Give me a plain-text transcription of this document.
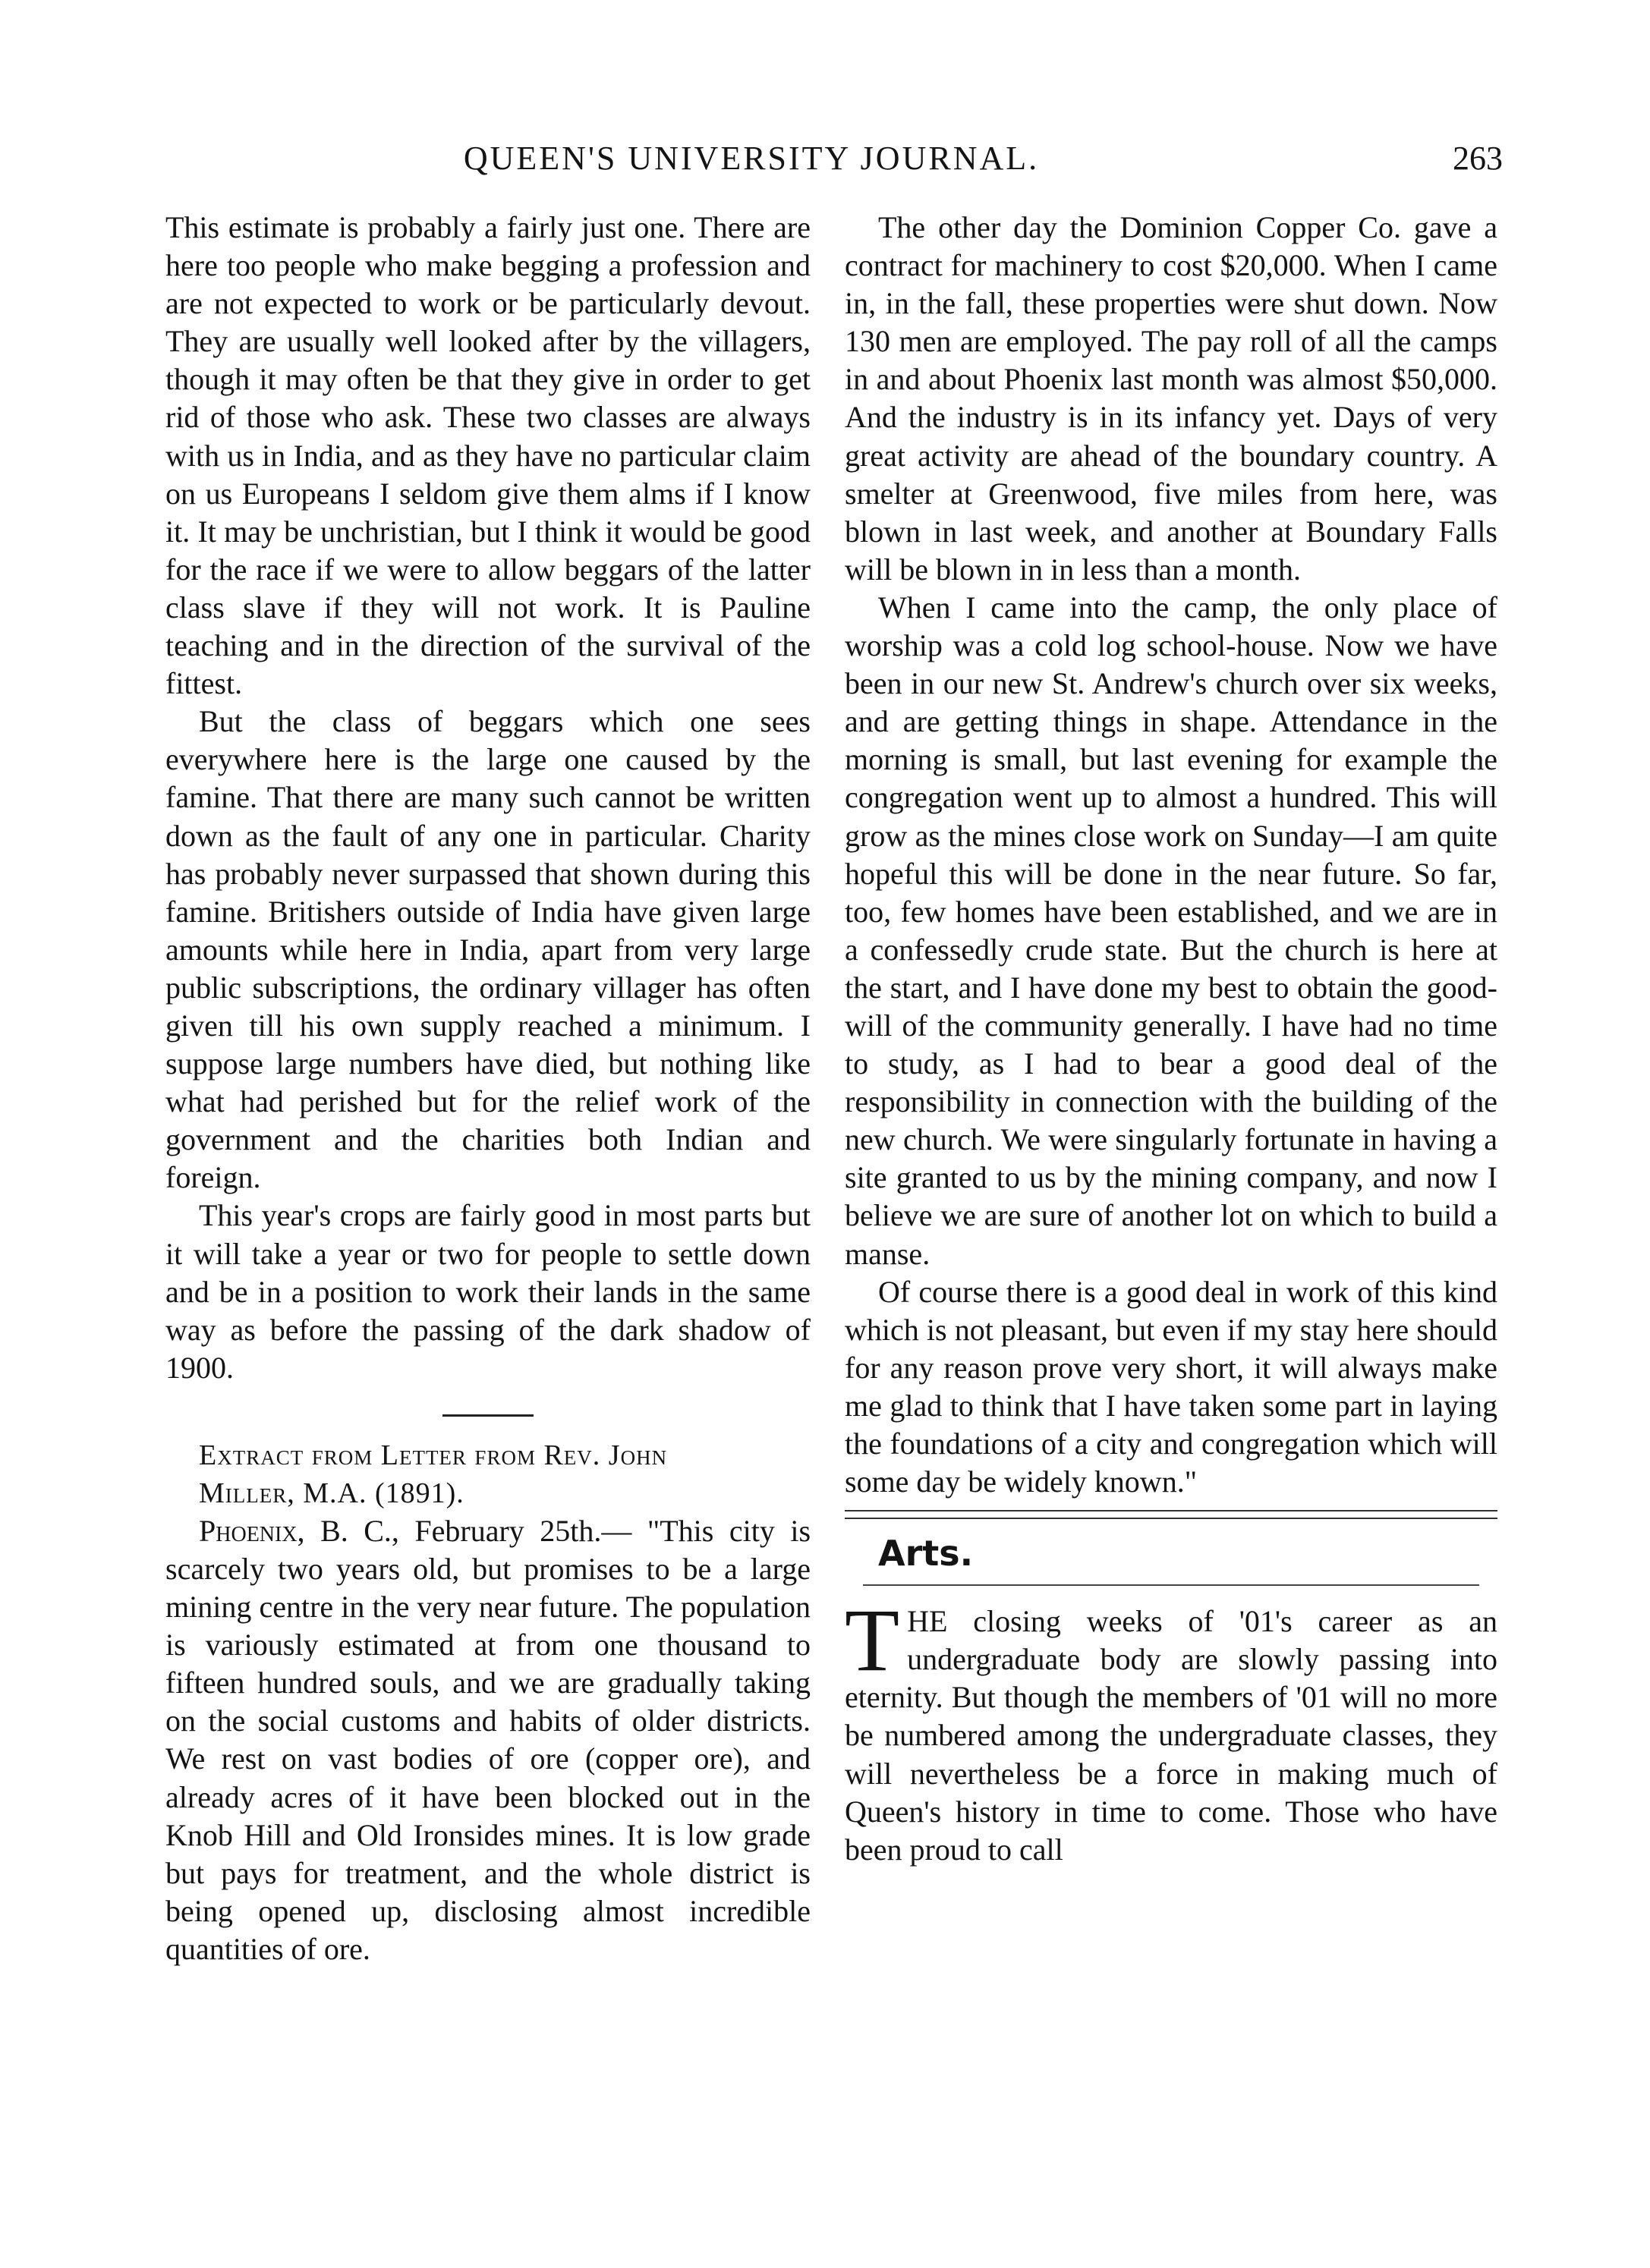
QUEEN'S UNIVERSITY JOURNAL.	263

This estimate is probably a fairly just one. There are here too people who make begging a profession and are not expected to work or be particularly devout. They are usually well looked after by the villagers, though it may often be that they give in order to get rid of those who ask. These two classes are always with us in India, and as they have no particular claim on us Europeans I seldom give them alms if I know it. It may be unchristian, but I think it would be good for the race if we were to allow beggars of the latter class slave if they will not work. It is Pauline teaching and in the direction of the survival of the fittest.

But the class of beggars which one sees everywhere here is the large one caused by the famine. That there are many such cannot be written down as the fault of any one in particular. Charity has probably never surpassed that shown during this famine. Britishers outside of India have given large amounts while here in India, apart from very large public subscriptions, the ordinary villager has often given till his own supply reached a minimum. I suppose large numbers have died, but nothing like what had perished but for the relief work of the government and the charities both Indian and foreign.

This year's crops are fairly good in most parts but it will take a year or two for people to settle down and be in a position to work their lands in the same way as before the passing of the dark shadow of 1900.

Extract from Letter from Rev. John

Miller, M.A. (1891).

Phoenix, B. C., February 25th.— "This city is scarcely two years old, but promises to be a large mining centre in the very near future. The population is variously estimated at from one thousand to fifteen hundred souls, and we are gradually taking on the social customs and habits of older districts. We rest on vast bodies of ore (copper ore), and already acres of it have been blocked out in the Knob Hill and Old Ironsides mines. It is low grade but pays for treatment, and the whole district is being opened up, disclosing almost incredible quantities of ore.

The other day the Dominion Copper Co. gave a contract for machinery to cost $20,000. When I came in, in the fall, these properties were shut down. Now 130 men are employed. The pay roll of all the camps in and about Phoenix last month was almost $50,000. And the industry is in its infancy yet. Days of very great activity are ahead of the boundary country. A smelter at Greenwood, five miles from here, was blown in last week, and another at Boundary Falls will be blown in in less than a month.

When I came into the camp, the only place of worship was a cold log school-house. Now we have been in our new St. Andrew's church over six weeks, and are getting things in shape. Attendance in the morning is small, but last evening for example the congregation went up to almost a hundred. This will grow as the mines close work on Sunday—I am quite hopeful this will be done in the near future. So far, too, few homes have been established, and we are in a confessedly crude state. But the church is here at the start, and I have done my best to obtain the good-will of the community generally. I have had no time to study, as I had to bear a good deal of the responsibility in connection with the building of the new church. We were singularly fortunate in having a site granted to us by the mining company, and now I believe we are sure of another lot on which to build a manse.

Of course there is a good deal in work of this kind which is not pleasant, but even if my stay here should for any reason prove very short, it will always make me glad to think that I have taken some part in laying the foundations of a city and congregation which will some day be widely known."

Arts.

THE closing weeks of '01's career as an undergraduate body are slowly passing into eternity. But though the members of '01 will no more be numbered among the undergraduate classes, they will nevertheless be a force in making much of Queen's history in time to come. Those who have been proud to call
